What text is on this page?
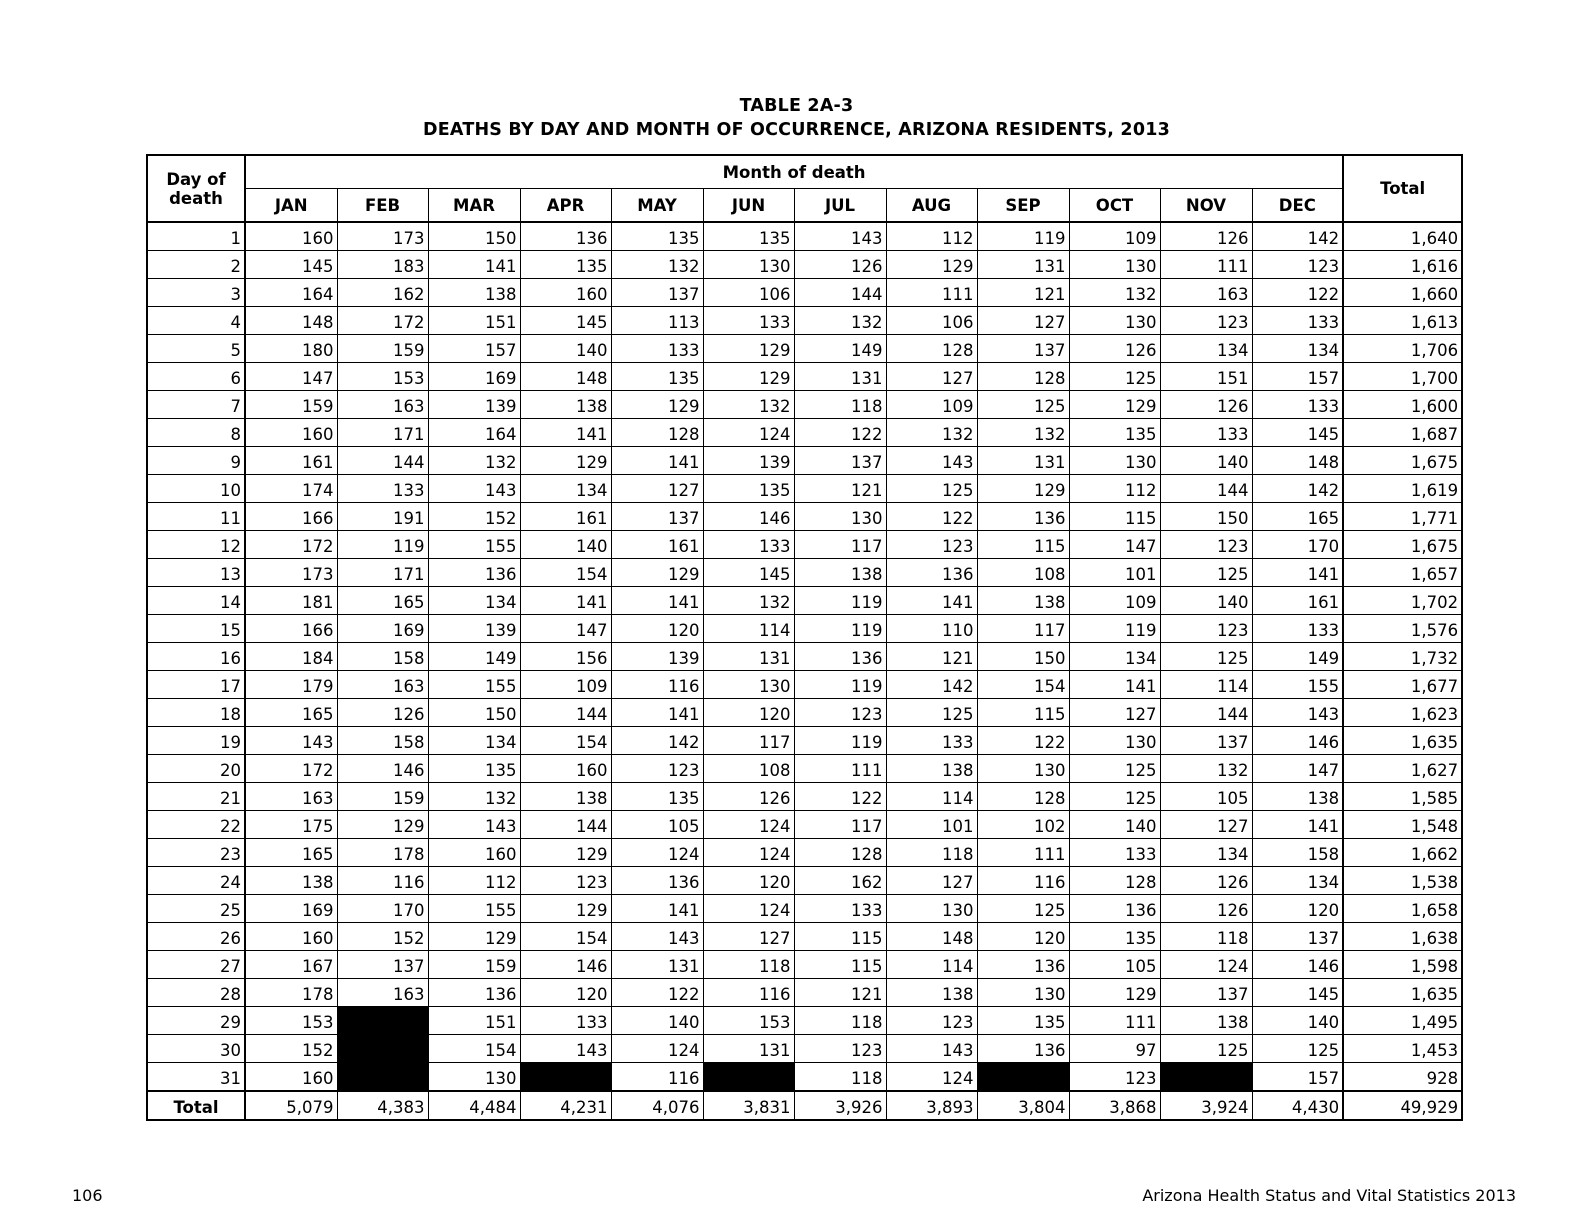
TABLE 2A-3
DEATHS BY DAY AND MONTH OF OCCURRENCE, ARIZONA RESIDENTS, 2013
Day of death	Month of death												Total
	JAN	FEB	MAR	APR	MAY	JUN	JUL	AUG	SEP	OCT	NOV	DEC	
1	160	173	150	136	135	135	143	112	119	109	126	142	1,640
2	145	183	141	135	132	130	126	129	131	130	111	123	1,616
3	164	162	138	160	137	106	144	111	121	132	163	122	1,660
4	148	172	151	145	113	133	132	106	127	130	123	133	1,613
5	180	159	157	140	133	129	149	128	137	126	134	134	1,706
6	147	153	169	148	135	129	131	127	128	125	151	157	1,700
7	159	163	139	138	129	132	118	109	125	129	126	133	1,600
8	160	171	164	141	128	124	122	132	132	135	133	145	1,687
9	161	144	132	129	141	139	137	143	131	130	140	148	1,675
10	174	133	143	134	127	135	121	125	129	112	144	142	1,619
11	166	191	152	161	137	146	130	122	136	115	150	165	1,771
12	172	119	155	140	161	133	117	123	115	147	123	170	1,675
13	173	171	136	154	129	145	138	136	108	101	125	141	1,657
14	181	165	134	141	141	132	119	141	138	109	140	161	1,702
15	166	169	139	147	120	114	119	110	117	119	123	133	1,576
16	184	158	149	156	139	131	136	121	150	134	125	149	1,732
17	179	163	155	109	116	130	119	142	154	141	114	155	1,677
18	165	126	150	144	141	120	123	125	115	127	144	143	1,623
19	143	158	134	154	142	117	119	133	122	130	137	146	1,635
20	172	146	135	160	123	108	111	138	130	125	132	147	1,627
21	163	159	132	138	135	126	122	114	128	125	105	138	1,585
22	175	129	143	144	105	124	117	101	102	140	127	141	1,548
23	165	178	160	129	124	124	128	118	111	133	134	158	1,662
24	138	116	112	123	136	120	162	127	116	128	126	134	1,538
25	169	170	155	129	141	124	133	130	125	136	126	120	1,658
26	160	152	129	154	143	127	115	148	120	135	118	137	1,638
27	167	137	159	146	131	118	115	114	136	105	124	146	1,598
28	178	163	136	120	122	116	121	138	130	129	137	145	1,635
29	153		151	133	140	153	118	123	135	111	138	140	1,495
30	152		154	143	124	131	123	143	136	97	125	125	1,453
31	160		130		116		118	124		123		157	928
Total	5,079	4,383	4,484	4,231	4,076	3,831	3,926	3,893	3,804	3,868	3,924	4,430	49,929
106	Arizona Health Status and Vital Statistics 2013
